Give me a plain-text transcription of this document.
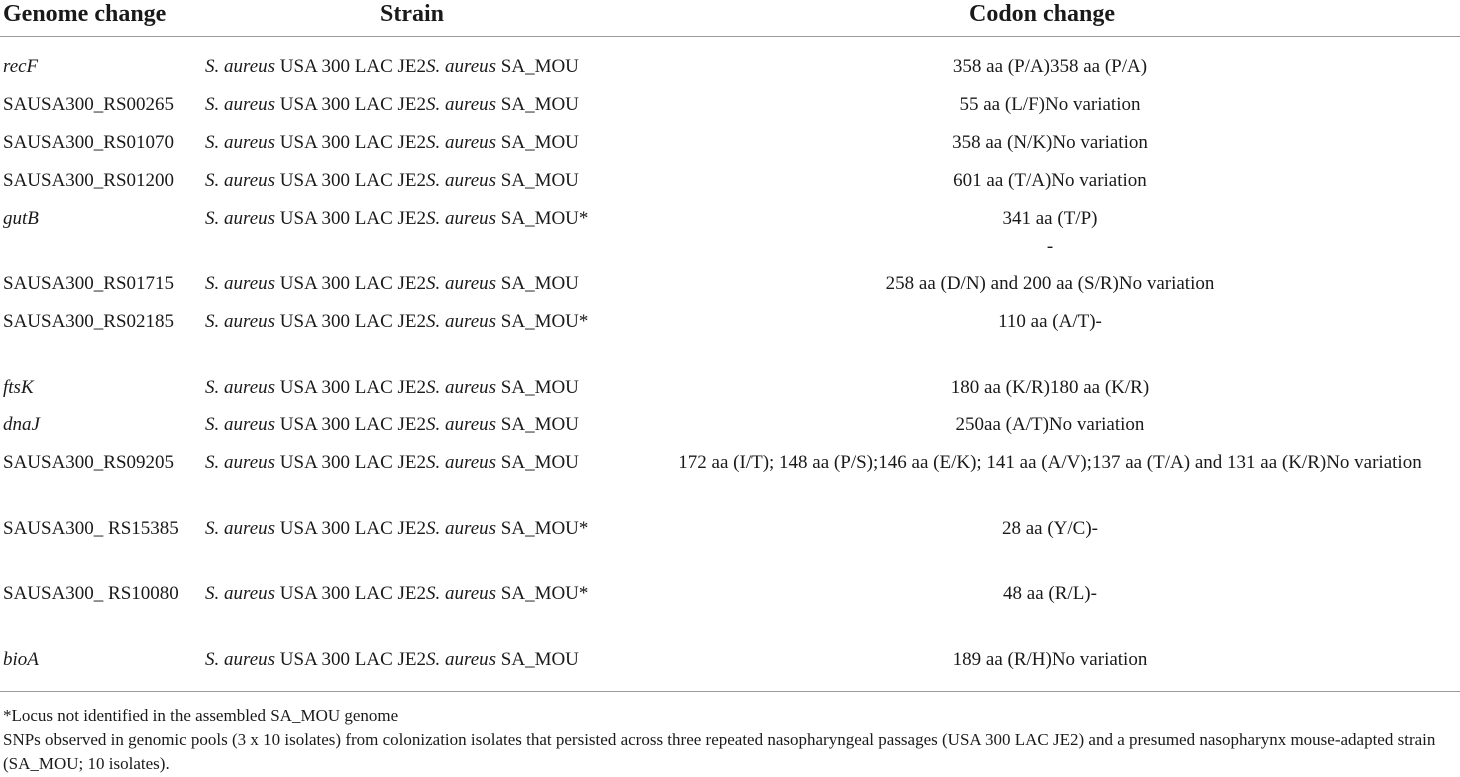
Genome change	Strain	Codon change
recF	S. aureus USA 300 LAC JE2S. aureus SA_MOU	358 aa (P/A)358 aa (P/A)
SAUSA300_RS00265	S. aureus USA 300 LAC JE2S. aureus SA_MOU	55 aa (L/F)No variation
SAUSA300_RS01070	S. aureus USA 300 LAC JE2S. aureus SA_MOU	358 aa (N/K)No variation
SAUSA300_RS01200	S. aureus USA 300 LAC JE2S. aureus SA_MOU	601 aa (T/A)No variation
gutB	S. aureus USA 300 LAC JE2S. aureus SA_MOU*	341 aa (T/P)
-
SAUSA300_RS01715	S. aureus USA 300 LAC JE2S. aureus SA_MOU	258 aa (D/N) and 200 aa (S/R)No variation
SAUSA300_RS02185	S. aureus USA 300 LAC JE2S. aureus SA_MOU*	110 aa (A/T)-
ftsK	S. aureus USA 300 LAC JE2S. aureus SA_MOU	180 aa (K/R)180 aa (K/R)
dnaJ	S. aureus USA 300 LAC JE2S. aureus SA_MOU	250aa (A/T)No variation
SAUSA300_RS09205	S. aureus USA 300 LAC JE2S. aureus SA_MOU	172 aa (I/T); 148 aa (P/S);146 aa (E/K); 141 aa (A/V);137 aa (T/A) and 131 aa (K/R)No variation
SAUSA300_ RS15385	S. aureus USA 300 LAC JE2S. aureus SA_MOU*	28 aa (Y/C)-
SAUSA300_ RS10080	S. aureus USA 300 LAC JE2S. aureus SA_MOU*	48 aa (R/L)-
bioA	S. aureus USA 300 LAC JE2S. aureus SA_MOU	189 aa (R/H)No variation
*Locus not identified in the assembled SA_MOU genome
SNPs observed in genomic pools (3 x 10 isolates) from colonization isolates that persisted across three repeated nasopharyngeal passages (USA 300 LAC JE2) and a presumed nasopharynx mouse-adapted strain (SA_MOU; 10 isolates).
